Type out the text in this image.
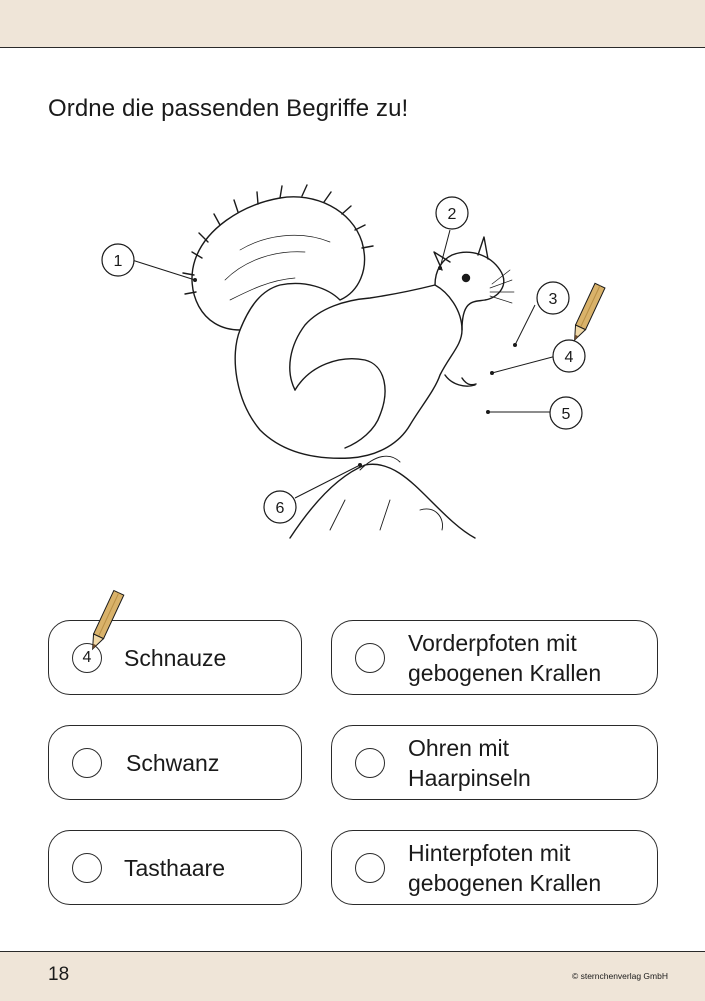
Ordne die passenden Begriffe zu!
1
2
3
4
5
6
4	Schnauze
Schwanz
Tasthaare
Vorderpfoten mit
gebogenen Krallen
Ohren mit
Haarpinseln
Hinterpfoten mit
gebogenen Krallen
18	© sternchenverlag GmbH
